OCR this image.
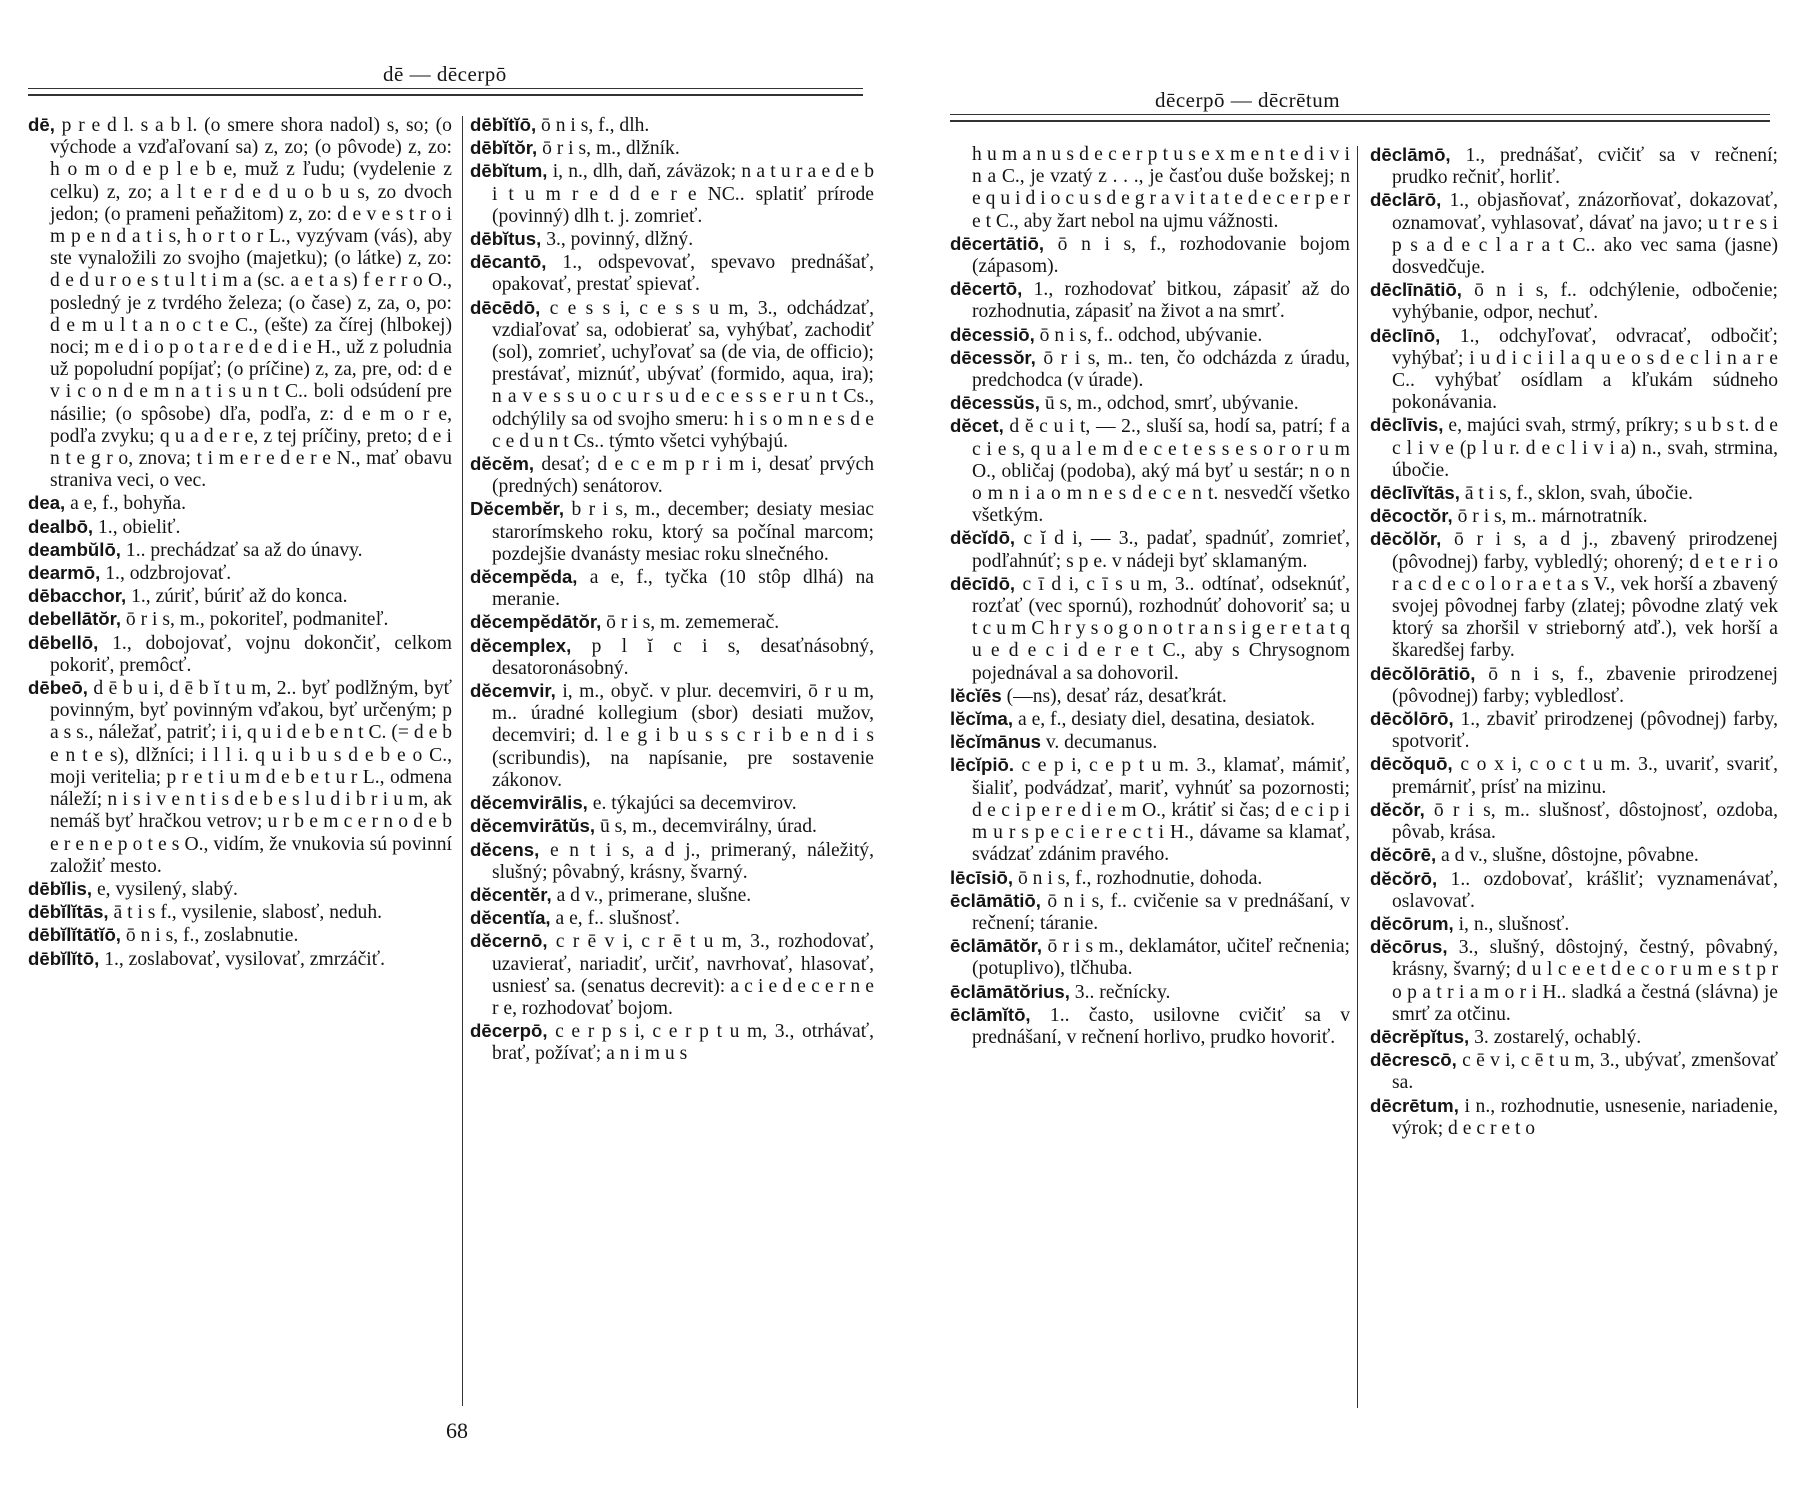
dē — dēcerpō

dē, p r e d l. s a b l. (o smere shora nadol) s, so; (o východe a vzďaľovaní sa) z, zo; (o pôvode) z, zo: h o m o d e p l e b e, muž z ľudu; (vydelenie z celku) z, zo; a l t e r d e d u o b u s, zo dvoch jedon; (o prameni peňažitom) z, zo: d e v e s t r o i m p e n d a t i s, h o r t o r L., vyzývam (vás), aby ste vynaložili zo svojho (majetku); (o látke) z, zo: d e d u r o e s t u l t i m a (sc. a e t a s) f e r r o O., posledný je z tvrdého železa; (o čase) z, za, o, po: d e m u l t a n o c t e C., (ešte) za čírej (hlbokej) noci; m e d i o p o t a r e d e d i e H., už z poludnia už popoludní popíjať; (o príčine) z, za, pre, od: d e v i c o n d e m n a t i s u n t C.. boli odsúdení pre násilie; (o spôsobe) dľa, podľa, z: d e m o r e, podľa zvyku; q u a d e r e, z tej príčiny, preto; d e i n t e g r o, znova; t i m e r e d e r e N., mať obavu straniva veci, o vec.

dea, a e, f., bohyňa.

dealbō, 1., obieliť.

deambŭlō, 1.. prechádzať sa až do únavy.

dearmō, 1., odzbrojovať.

dēbacchor, 1., zúriť, búriť až do konca.

debellātŏr, ō r i s, m., pokoriteľ, podmaniteľ.

dēbellō, 1., dobojovať, vojnu dokončiť, celkom pokoriť, premôcť.

dēbeō, d ē b u i, d ē b ĭ t u m, 2.. byť podlžným, byť povinným, byť povinným vďakou, byť určeným; p a s s., náležať, patriť; i i, q u i d e b e n t C. (= d e b e n t e s), dlžníci; i l l i. q u i b u s d e b e o C., moji veritelia; p r e t i u m d e b e t u r L., odmena náleží; n i s i v e n t i s d e b e s l u d i b r i u m, ak nemáš byť hračkou vetrov; u r b e m c e r n o d e b e r e n e p o t e s O., vidím, že vnukovia sú povinní založiť mesto.

dēbĭlis, e, vysilený, slabý.

dēbĭlĭtās, ā t i s f., vysilenie, slabosť, neduh.

dēbĭlĭtātĭō, ō n i s, f., zoslabnutie.

dēbĭlĭtō, 1., zoslabovať, vysilovať, zmrzáčiť.

dēbĭtĭō, ō n i s, f., dlh.

dēbĭtŏr, ō r i s, m., dlžník.

dēbĭtum, i, n., dlh, daň, záväzok; n a t u r a e d e b i t u m r e d d e r e NC.. splatiť prírode (povinný) dlh t. j. zomrieť.

dēbĭtus, 3., povinný, dlžný.

dēcantō, 1., odspevovať, spevavo prednášať, opakovať, prestať spievať.

dēcēdō, c e s s i, c e s s u m, 3., odchádzať, vzdiaľovať sa, odobierať sa, vyhýbať, zachodiť (sol), zomrieť, uchyľovať sa (de via, de officio); prestávať, miznúť, ubývať (formido, aqua, ira); n a v e s s u o c u r s u d e c e s s e r u n t Cs., odchýlily sa od svojho smeru: h i s o m n e s d e c e d u n t Cs.. týmto všetci vyhýbajú.

dĕcĕm, desať; d e c e m p r i m i, desať prvých (predných) senátorov.

Dĕcembĕr, b r i s, m., december; desiaty mesiac starorímskeho roku, ktorý sa počínal marcom; pozdejšie dvanásty mesiac roku slnečného.

dĕcempĕda, a e, f., tyčka (10 stôp dlhá) na meranie.

dĕcempĕdātŏr, ō r i s, m. zememerač.

dĕcemplex, p l ĭ c i s, desaťnásobný, desatoronásobný.

dĕcemvir, i, m., obyč. v plur. decemviri, ō r u m, m.. úradné kollegium (sbor) desiati mužov, decemviri; d. l e g i b u s s c r i b e n d i s (scribundis), na napísanie, pre sostavenie zákonov.

dĕcemvirālis, e. týkajúci sa decemvirov.

dĕcemvirātŭs, ū s, m., decemvirálny, úrad.

dĕcens, e n t i s, a d j., primeraný, náležitý, slušný; pôvabný, krásny, švarný.

dĕcentĕr, a d v., primerane, slušne.

dĕcentĭa, a e, f.. slušnosť.

dĕcernō, c r ē v i, c r ē t u m, 3., rozhodovať, uzavierať, nariadiť, určiť, navrhovať, hlasovať, usniesť sa. (senatus decrevit): a c i e d e c e r n e r e, rozhodovať bojom.

dēcerpō, c e r p s i, c e r p t u m, 3., otrhávať, brať, požívať; a n i m u s

68
dēcerpō — dēcrētum

h u m a n u s d e c e r p t u s e x m e n t e d i v i n a C., je vzatý z . . ., je časťou duše božskej; n e q u i d i o c u s d e g r a v i t a t e d e c e r p e r e t C., aby žart nebol na ujmu vážnosti.

dēcertātiō, ō n i s, f., rozhodovanie bojom (zápasom).

dēcertō, 1., rozhodovať bitkou, zápasiť až do rozhodnutia, zápasiť na život a na smrť.

dēcessiō, ō n i s, f.. odchod, ubývanie.

dēcessŏr, ō r i s, m.. ten, čo odcházda z úradu, predchodca (v úrade).

dēcessŭs, ū s, m., odchod, smrť, ubývanie.

dĕcet, d ĕ c u i t, — 2., sluší sa, hodí sa, patrí; f a c i e s, q u a l e m d e c e t e s s e s o r o r u m O., obličaj (podoba), aký má byť u sestár; n o n o m n i a o m n e s d e c e n t. nesvedčí všetko všetkým.

dĕcĭdō, c ĭ d i, — 3., padať, spadnúť, zomrieť, podľahnúť; s p e. v nádeji byť sklamaným.

dēcīdō, c ī d i, c ī s u m, 3.. odtínať, odseknúť, rozťať (vec spornú), rozhodnúť dohovoriť sa; u t c u m C h r y s o g o n o t r a n s i g e r e t a t q u e d e c i d e r e t C., aby s Chrysognom pojednával a sa dohovoril.

lĕcĭēs (—ns), desať ráz, desaťkrát.

lĕcĭma, a e, f., desiaty diel, desatina, desiatok.

lĕcĭmānus v. decumanus.

lēcĭpiō. c e p i, c e p t u m. 3., klamať, mámiť, šialiť, podvádzať, mariť, vyhnúť sa pozornosti; d e c i p e r e d i e m O., krátiť si čas; d e c i p i m u r s p e c i e r e c t i H., dávame sa klamať, svádzať zdánim pravého.

lēcīsiō, ō n i s, f., rozhodnutie, dohoda.

ēclāmātiō, ō n i s, f.. cvičenie sa v prednášaní, v rečnení; táranie.

ēclāmātŏr, ō r i s m., deklamátor, učiteľ rečnenia; (potuplivo), tlčhuba.

ēclāmātŏrius, 3.. rečnícky.

ēclāmĭtō, 1.. často, usilovne cvičiť sa v prednášaní, v rečnení horlivo, prudko hovoriť.

dēclāmō, 1., prednášať, cvičiť sa v rečnení; prudko rečniť, horliť.

dēclārō, 1., objasňovať, znázorňovať, dokazovať, oznamovať, vyhlasovať, dávať na javo; u t r e s i p s a d e c l a r a t C.. ako vec sama (jasne) dosvedčuje.

dēclīnātiō, ō n i s, f.. odchýlenie, odbočenie; vyhýbanie, odpor, nechuť.

dēclīnō, 1., odchyľovať, odvracať, odbočiť; vyhýbať; i u d i c i i l a q u e o s d e c l i n a r e C.. vyhýbať osídlam a kľukám súdneho pokonávania.

dēclīvis, e, majúci svah, strmý, príkry; s u b s t. d e c l i v e (p l u r. d e c l i v i a) n., svah, strmina, úbočie.

dēclīvĭtās, ā t i s, f., sklon, svah, úbočie.

dēcoctŏr, ō r i s, m.. márnotratník.

dēcŏlŏr, ō r i s, a d j., zbavený prirodzenej (pôvodnej) farby, vybledlý; ohorený; d e t e r i o r a c d e c o l o r a e t a s V., vek horší a zbavený svojej pôvodnej farby (zlatej; pôvodne zlatý vek ktorý sa zhoršil v strieborný atď.), vek horší a škaredšej farby.

dēcŏlōrātiō, ō n i s, f., zbavenie prirodzenej (pôvodnej) farby; vybledlosť.

dēcŏlōrō, 1., zbaviť prirodzenej (pôvodnej) farby, spotvoriť.

dēcŏquō, c o x i, c o c t u m. 3., uvariť, svariť, premárniť, prísť na mizinu.

dĕcŏr, ō r i s, m.. slušnosť, dôstojnosť, ozdoba, pôvab, krása.

dĕcōrē, a d v., slušne, dôstojne, pôvabne.

dĕcŏrō, 1.. ozdobovať, krášliť; vyznamenávať, oslavovať.

dĕcōrum, i, n., slušnosť.

dĕcōrus, 3., slušný, dôstojný, čestný, pôvabný, krásny, švarný; d u l c e e t d e c o r u m e s t p r o p a t r i a m o r i H.. sladká a čestná (slávna) je smrť za otčinu.

dēcrĕpĭtus, 3. zostarelý, ochablý.

dēcrescō, c ē v i, c ē t u m, 3., ubývať, zmenšovať sa.

dēcrētum, i n., rozhodnutie, usnesenie, nariadenie, výrok; d e c r e t o
